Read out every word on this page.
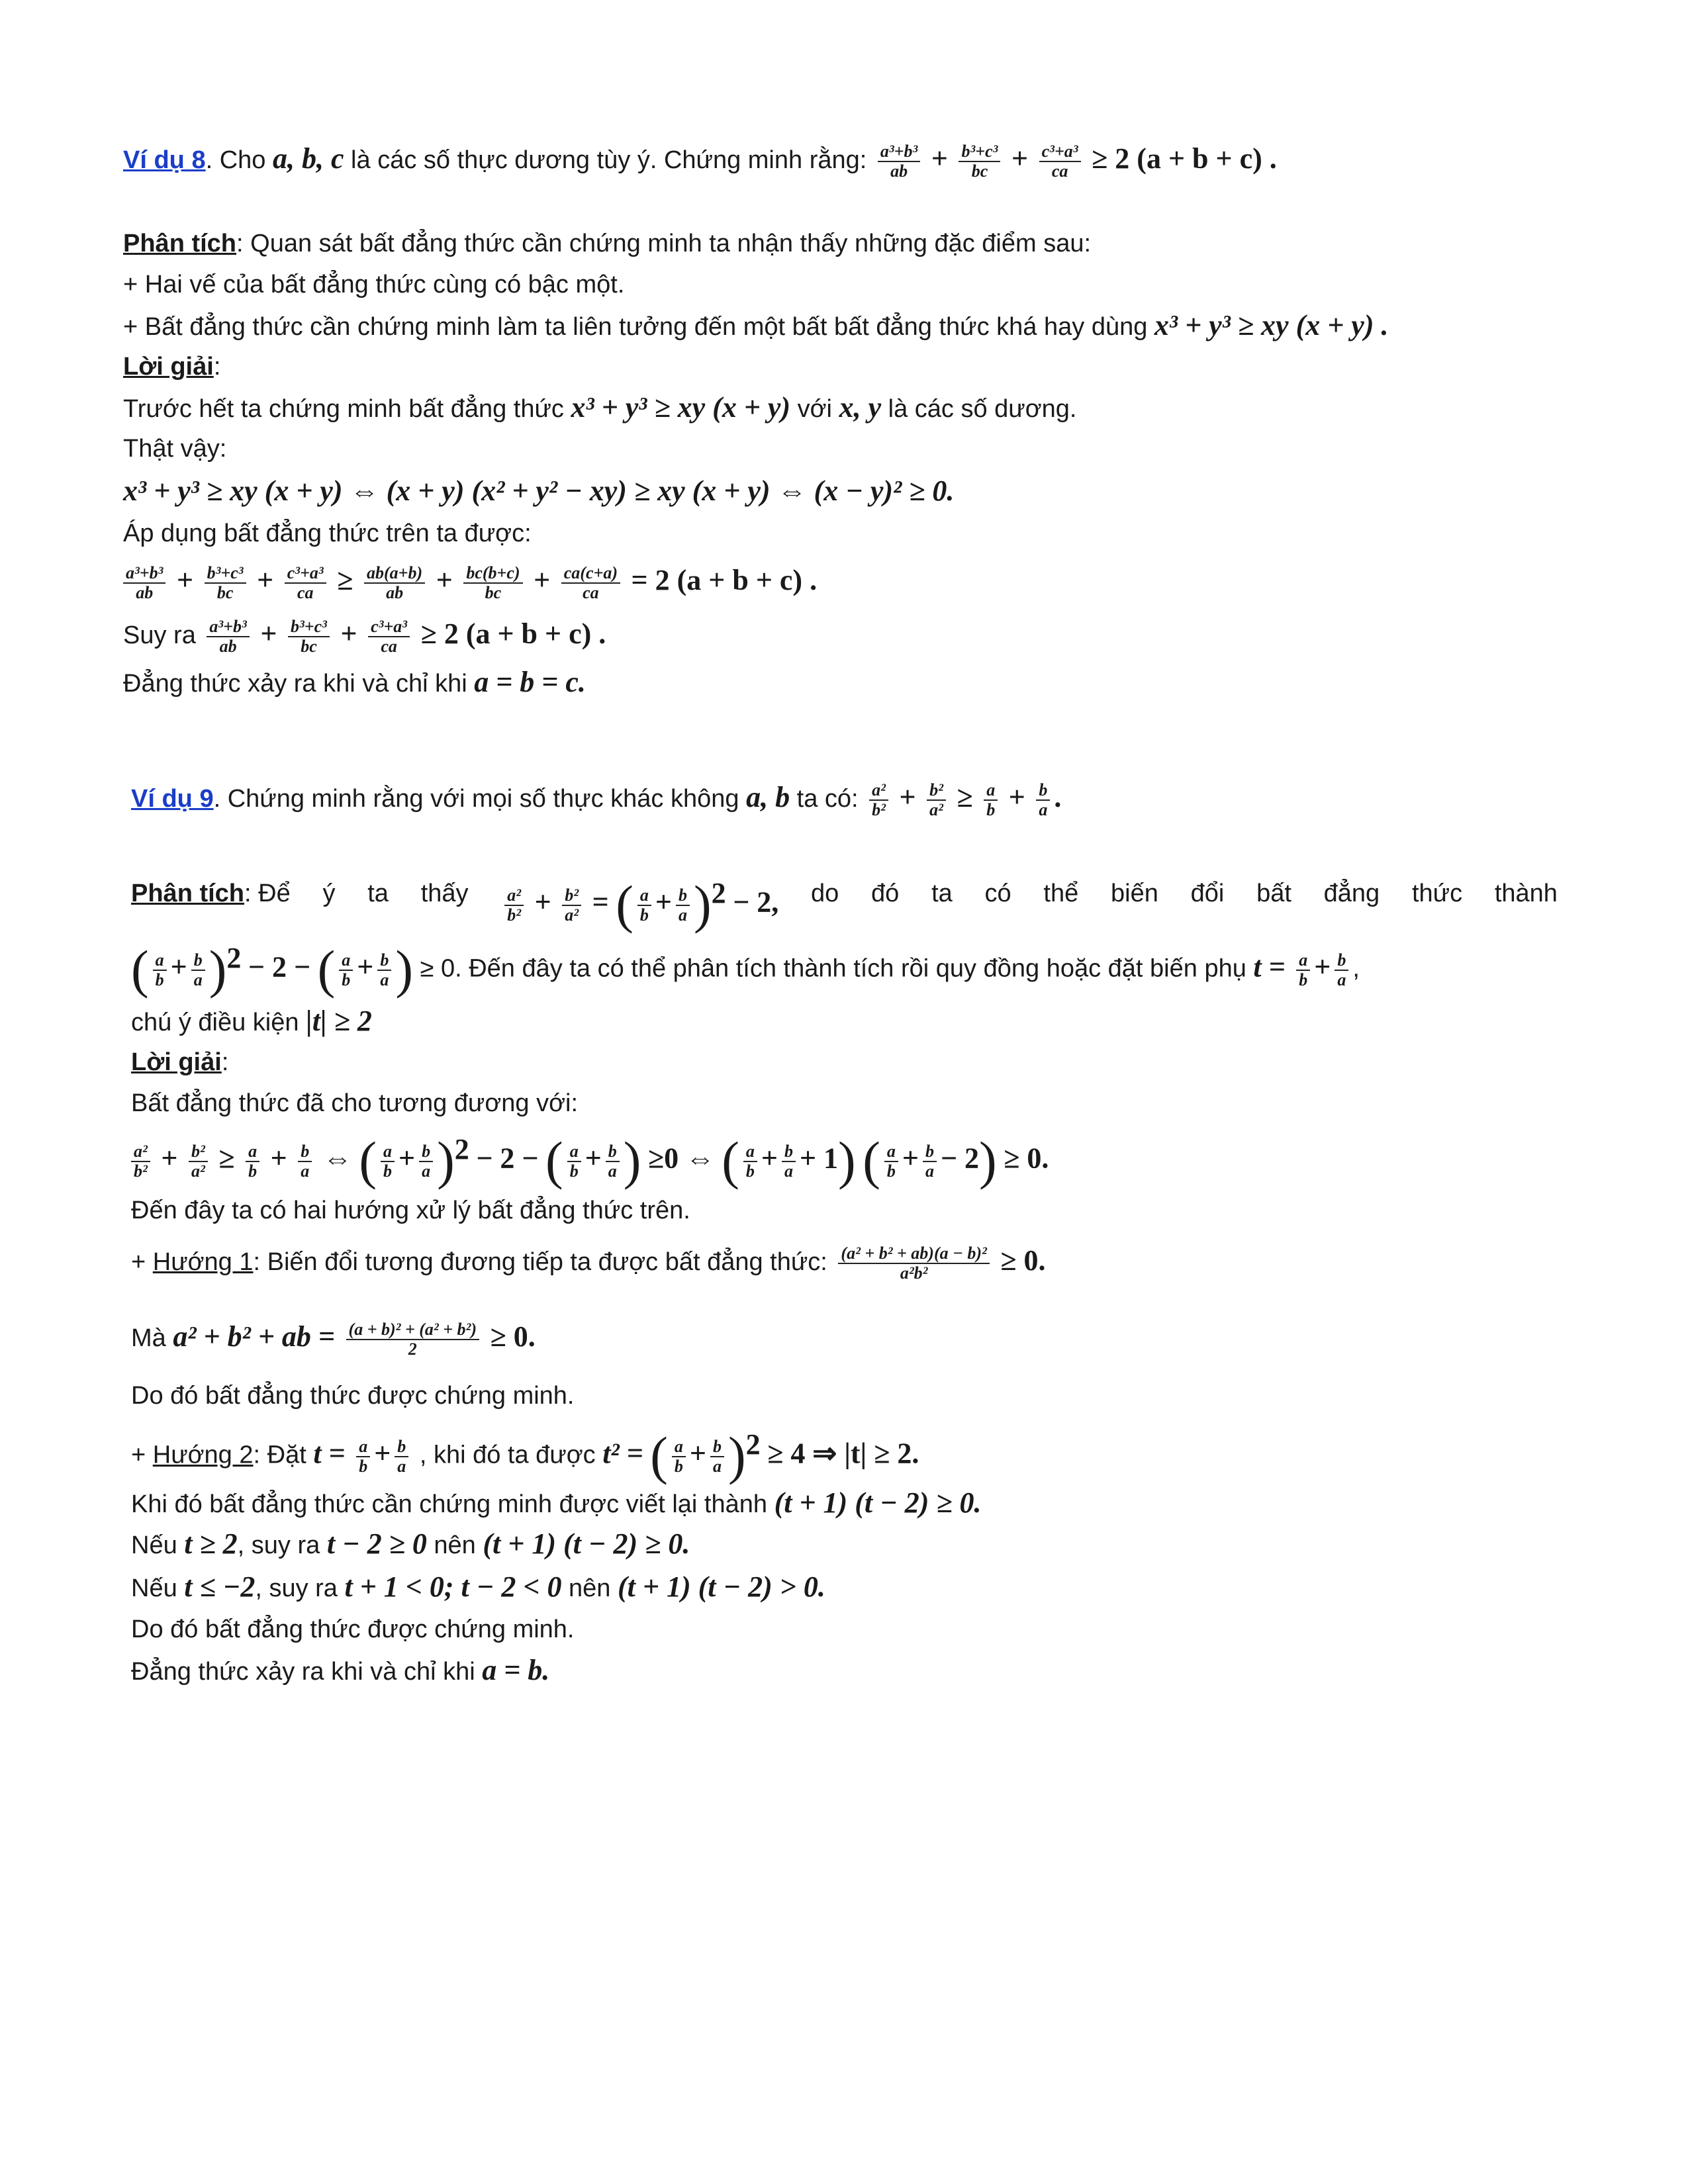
Ví dụ 8. Cho a, b, c là các số thực dương tùy ý. Chứng minh rằng: $\frac{\text{a³+b³}}{ab} + \frac{\text{b³+c³}}{bc} + \frac{\text{c³+a³}}{ca} \ge 2$ (a + b + c) .
Phân tích: Quan sát bất đẳng thức cần chứng minh ta nhận thấy những đặc điểm sau:
+ Hai vế của bất đẳng thức cùng có bậc một.
+ Bất đẳng thức cần chứng minh làm ta liên tưởng đến một bất bất đẳng thức khá hay dùng x³ + y³ ≥ xy (x + y) .
Lời giải:
Trước hết ta chứng minh bất đẳng thức x³ + y³ ≥ xy (x + y) với x, y là các số dương.
Thật vậy:
x³ + y³ ≥ xy (x + y) ⇔ (x + y) (x² + y² − xy) ≥ xy (x + y) ⇔ (x − y)² ≥ 0.
Áp dụng bất đẳng thức trên ta được:
$\frac{\text{a³+b³}}{ab} + \frac{\text{b³+c³}}{bc} + \frac{\text{c³+a³}}{ca} \ge \frac{ab(a+b)}{ab} + \frac{bc(b+c)}{bc} + \frac{ca(c+a)}{ca} = 2$ (a + b + c) .
Suy ra $\frac{\text{a³+b³}}{ab} + \frac{\text{b³+c³}}{bc} + \frac{\text{c³+a³}}{ca} \ge 2$ (a + b + c) .
Đẳng thức xảy ra khi và chỉ khi a = b = c.
Ví dụ 9. Chứng minh rằng với mọi số thực khác không a, b ta có: $\frac{\text{a²}}{\text{b²}} + \frac{\text{b²}}{\text{a²}} \ge \frac{a}{b} + \frac{b}{a}$ .
Phân tích: Để ý ta thấy $\frac{\text{a²}}{\text{b²}} + \frac{\text{b²}}{\text{a²}}$ = ( $\frac{a}{b} + \frac{b}{a} )^2 - 2$, do đó ta có thể biến đổi bất đẳng thức thành
( $\frac{a}{b} + \frac{b}{a} )^2 - 2$ − ( $\frac{a}{b} + \frac{b}{a}$ ) ≥ 0. Đến đây ta có thể phân tích thành tích rồi quy đồng hoặc đặt biến phụ $t = \frac{a}{b} + \frac{b}{a}$ ,
chú ý điều kiện |t| ≥ 2
Lời giải:
Bất đẳng thức đã cho tương đương với:
$\frac{\text{a²}}{\text{b²}} + \frac{\text{b²}}{\text{a²}} \ge \frac{a}{b} + \frac{b}{a}$ ⇔ ( $\frac{a}{b} + \frac{b}{a} )^2 - 2$ − ( $\frac{a}{b} + \frac{b}{a}$ ) ≥0 ⇔ ( $\frac{a}{b} + \frac{b}{a} + 1$) ( $\frac{a}{b} + \frac{b}{a} - 2) \ge 0$.
Đến đây ta có hai hướng xử lý bất đẳng thức trên.
+ Hướng 1: Biến đổi tương đương tiếp ta được bất đẳng thức: $\frac{\text{(a² + b² + ab)(a − b)²}}{\text{a²b²}} \ge 0$.
Mà a² + b² + ab = $\frac{\text{(a + b)² + (a² + b²)}}{2} \ge 0$.
Do đó bất đẳng thức được chứng minh.
+ Hướng 2: Đặt $t = \frac{a}{b} + \frac{b}{a}$ , khi đó ta được t² = ( $\frac{a}{b} + \frac{b}{a} )^2 \ge 4$ ⇒ |t| ≥ 2.
Khi đó bất đẳng thức cần chứng minh được viết lại thành (t + 1) (t − 2) ≥ 0.
Nếu t ≥ 2, suy ra t − 2 ≥ 0 nên (t + 1) (t − 2) ≥ 0.
Nếu t ≤ −2, suy ra t + 1 < 0; t − 2 < 0 nên (t + 1) (t − 2) > 0.
Do đó bất đẳng thức được chứng minh.
Đẳng thức xảy ra khi và chỉ khi a = b.
